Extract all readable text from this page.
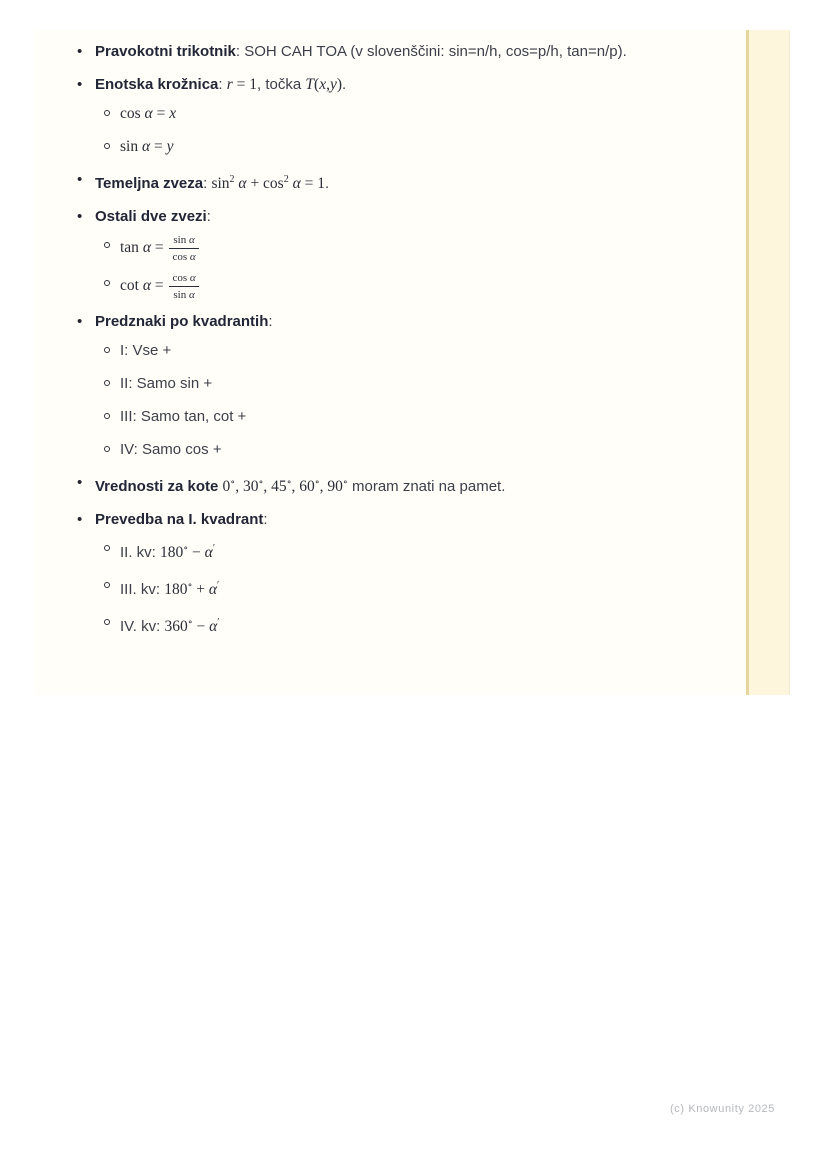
• Pravokotni trikotnik: SOH CAH TOA (v slovenščini: sin=n/h, cos=p/h, tan=n/p).
• Enotska krožnica: r = 1, točka T(x,y).
cos α = x
sin α = y
• Temeljna zveza: $\sin^2 \alpha + \cos^2 \alpha = 1$.
• Ostali dve zvezi:
$\tan \alpha = \frac{\text{sin α}}{\text{cos α}}$
$\cot \alpha = \frac{\text{cos α}}{\text{sin α}}$
• Predznaki po kvadrantih:
I: Vse +
II: Samo sin +
III: Samo tan, cot +
IV: Samo cos +
• Vrednosti za kote 0∘, 30∘, 45∘, 60∘, 90∘ moram znati na pamet.
• Prevedba na I. kvadrant:
II. kv: 180∘ − α′
III. kv: 180∘ + α′
IV. kv: 360∘ − α′
(c) Knowunity 2025
